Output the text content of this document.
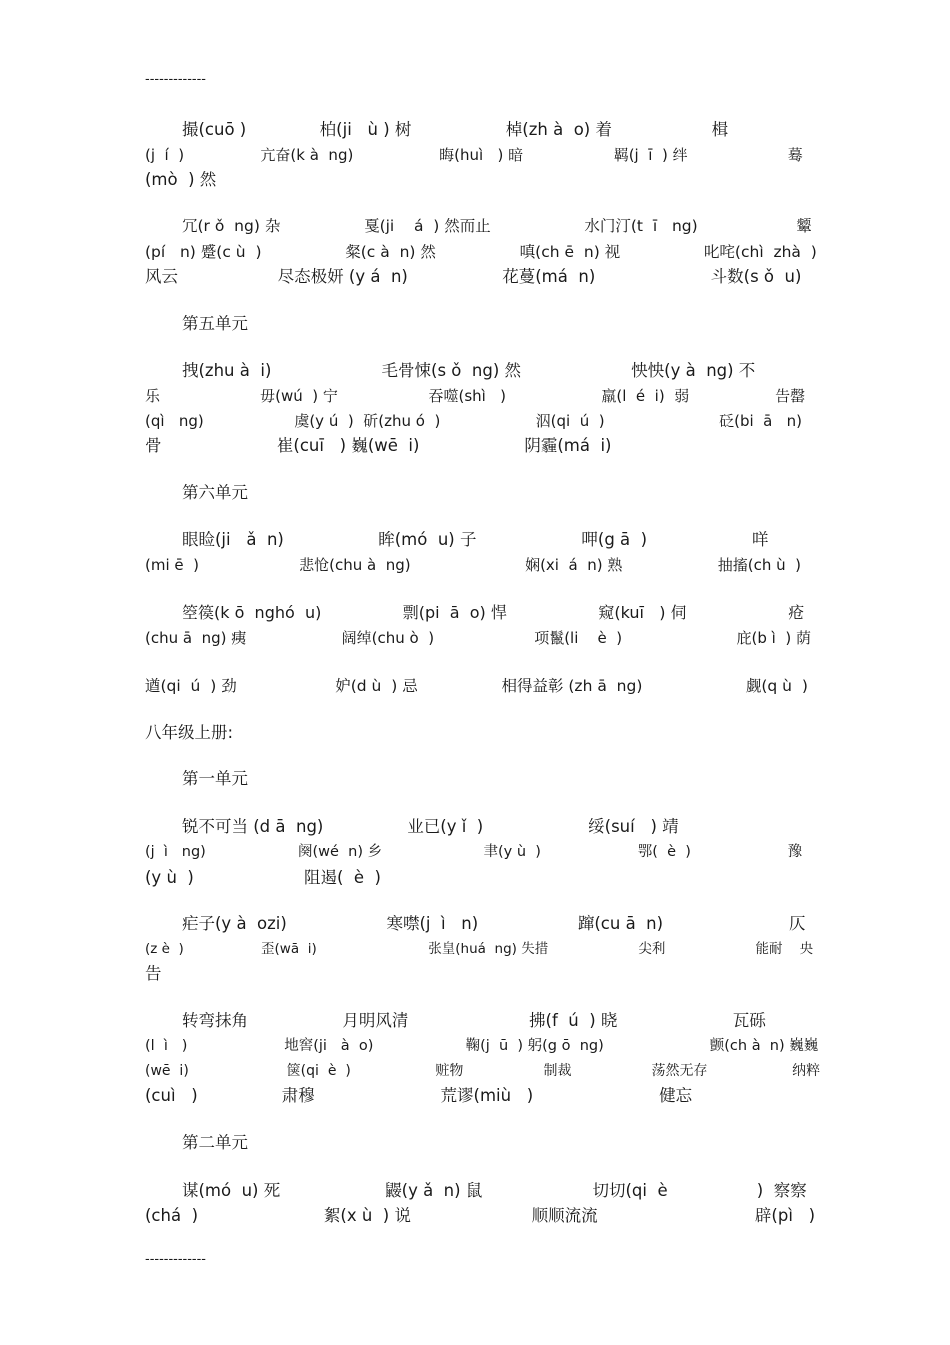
-------------
撮(cuō )              柏(ji   ù ) 树                  棹(zh à  o) 着                   楫
(j  í  )                亢奋(k à  ng)                  晦(huì   ) 暗                   羁(j  ī  ) 绊                     蓦
(mò  ) 然
冗(r ǒ  ng) 杂                 戛(ji    á  ) 然而止                   水门汀(t  ī   ng)                    颦
(pí   n) 蹙(c ù  )                 粲(c à  n) 然                 嗔(ch ē  n) 视                 叱咤(chì  zhà  )
风云                   尽态极妍 (y á  n)                  花蔓(má  n)                      斗数(s ǒ  u)
第五单元
拽(zhu à  i)                     毛骨悚(s ǒ  ng) 然                     怏怏(y à  ng) 不
乐                     毋(wú  ) 宁                   吞噬(shì   )                    羸(l  é  i)  弱                  告罄
(qì   ng)                   虞(y ú  )  斫(zhu ó  )                    泅(qi  ú  )                        砭(bi  ā   n)
骨                      崔(cuī   ) 巍(wē  i)                    阴霾(má  i)
第六单元
眼睑(ji   ǎ  n)                  眸(mó  u) 子                    呷(g ā  )                    咩
(mi ē  )                     悲怆(chu à  ng)                        娴(xi  á  n) 熟                    抽搐(ch ù  )
箜篌(k ō  nghó  u)                剽(pi  ā  o) 悍                  窥(kuī   ) 伺                    疮
(chu ā  ng) 痍                    阔绰(chu ò  )                     项鬣(li    è  )                        庇(b ì  ) 荫
遒(qi  ú  ) 劲                    妒(d ù  ) 忌                 相得益彰 (zh ā  ng)                     觑(q ù  )
八年级上册:
第一单元
锐不可当 (d ā  ng)                业已(y ǐ  )                    绥(suí   ) 靖
(j  ì   ng)                    阕(wé  n) 乡                      聿(y ù  )                     鄂(  è  )                     豫
(y ù  )                     阻遏(  è  )
疟子(y à  ozi)                   寒噤(j  ì   n)                   蹿(cu ā  n)                        仄
(z è  )                  歪(wā  i)                          张皇(huá  ng) 失措                     尖利                     能耐    央
告
转弯抹角                  月明风清                       拂(f  ú  ) 晓                      瓦砾
(l  ì   )                     地窖(ji   à  o)                    鞠(j  ū  ) 躬(g ō  ng)                       颤(ch à  n) 巍巍
(wē  i)                      箧(qi  è  )                   赃物                  制裁                  荡然无存                   纳粹
(cuì   )                肃穆                        荒谬(miù   )                        健忘
第二单元
谋(mó  u) 死                    鼹(y ǎ  n) 鼠                     切切(qi  è                 )  察察
(chá  )                        絮(x ù  ) 说                       顺顺流流                              辟(pì   )
-------------
